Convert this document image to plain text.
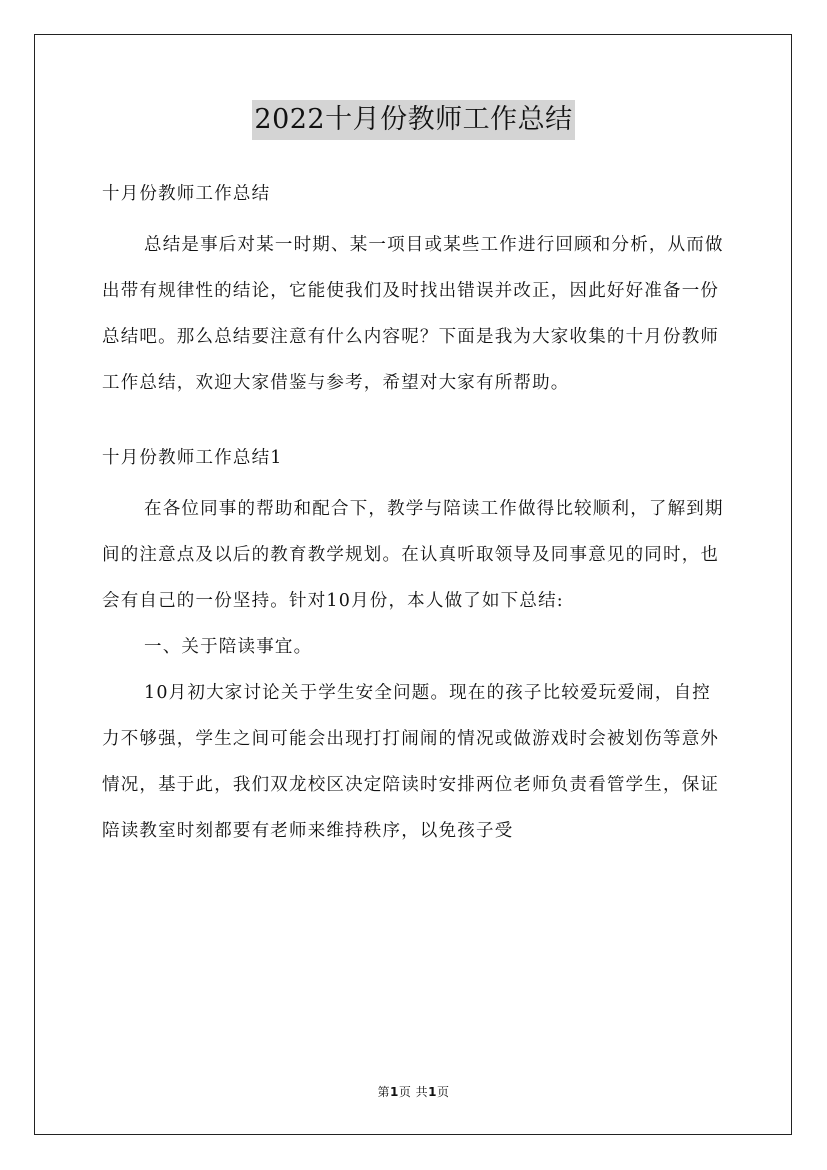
2022十月份教师工作总结

十月份教师工作总结

总结是事后对某一时期、某一项目或某些工作进行回顾和分析，从而做出带有规律性的结论，它能使我们及时找出错误并改正，因此好好准备一份总结吧。那么总结要注意有什么内容呢？下面是我为大家收集的十月份教师工作总结，欢迎大家借鉴与参考，希望对大家有所帮助。

十月份教师工作总结1

在各位同事的帮助和配合下，教学与陪读工作做得比较顺利，了解到期间的注意点及以后的教育教学规划。在认真听取领导及同事意见的同时，也会有自己的一份坚持。针对10月份，本人做了如下总结:

一、关于陪读事宜。

10月初大家讨论关于学生安全问题。现在的孩子比较爱玩爱闹，自控力不够强，学生之间可能会出现打打闹闹的情况或做游戏时会被划伤等意外情况，基于此，我们双龙校区决定陪读时安排两位老师负责看管学生，保证陪读教室时刻都要有老师来维持秩序，以免孩子受

第1页 共1页
